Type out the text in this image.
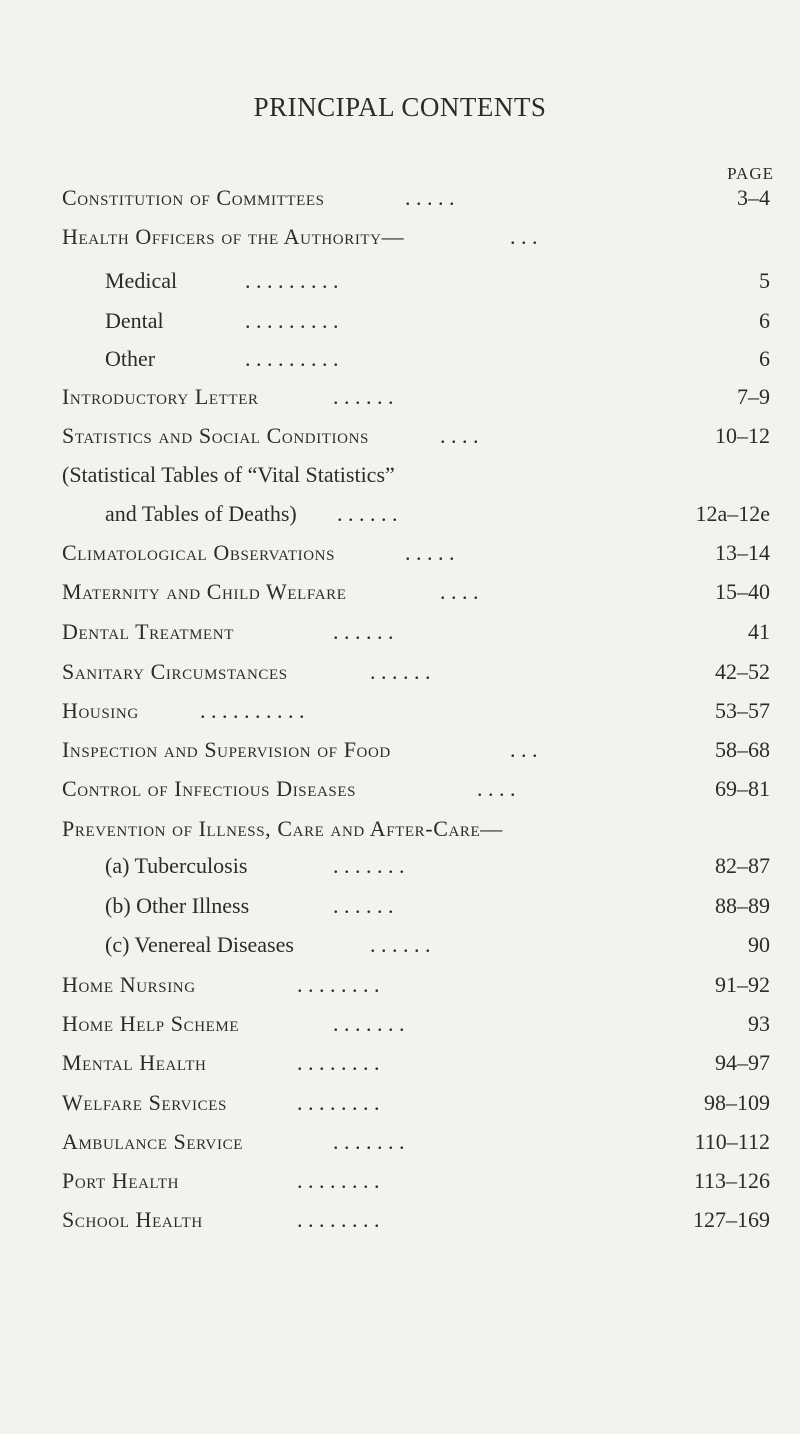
PRINCIPAL CONTENTS
PAGE
Constitution of Committees	. . . . .	3–4
Health Officers of the Authority—	. . .
Medical	. . . . . . . . .	5
Dental	. . . . . . . . .	6
Other	. . . . . . . . .	6
Introductory Letter	. . . . . .	7–9
Statistics and Social Conditions	. . . .	10–12
(Statistical Tables of “Vital Statistics”
and Tables of Deaths) . . . . . .	12a–12e
Climatological Observations	. . . . .	13–14
Maternity and Child Welfare	. . . .	15–40
Dental Treatment	. . . . . .	41
Sanitary Circumstances	. . . . . .	42–52
Housing	. . . . . . . . . .	53–57
Inspection and Supervision of Food	. . .	58–68
Control of Infectious Diseases	. . . .	69–81
Prevention of Illness, Care and After-Care—
(a) Tuberculosis	. . . . . . .	82–87
(b) Other Illness	. . . . . .	88–89
(c) Venereal Diseases	. . . . . .	90
Home Nursing	. . . . . . . .	91–92
Home Help Scheme	. . . . . . .	93
Mental Health	. . . . . . . .	94–97
Welfare Services	. . . . . . . .	98–109
Ambulance Service	. . . . . . .	110–112
Port Health	. . . . . . . .	113–126
School Health	. . . . . . . .	127–169
